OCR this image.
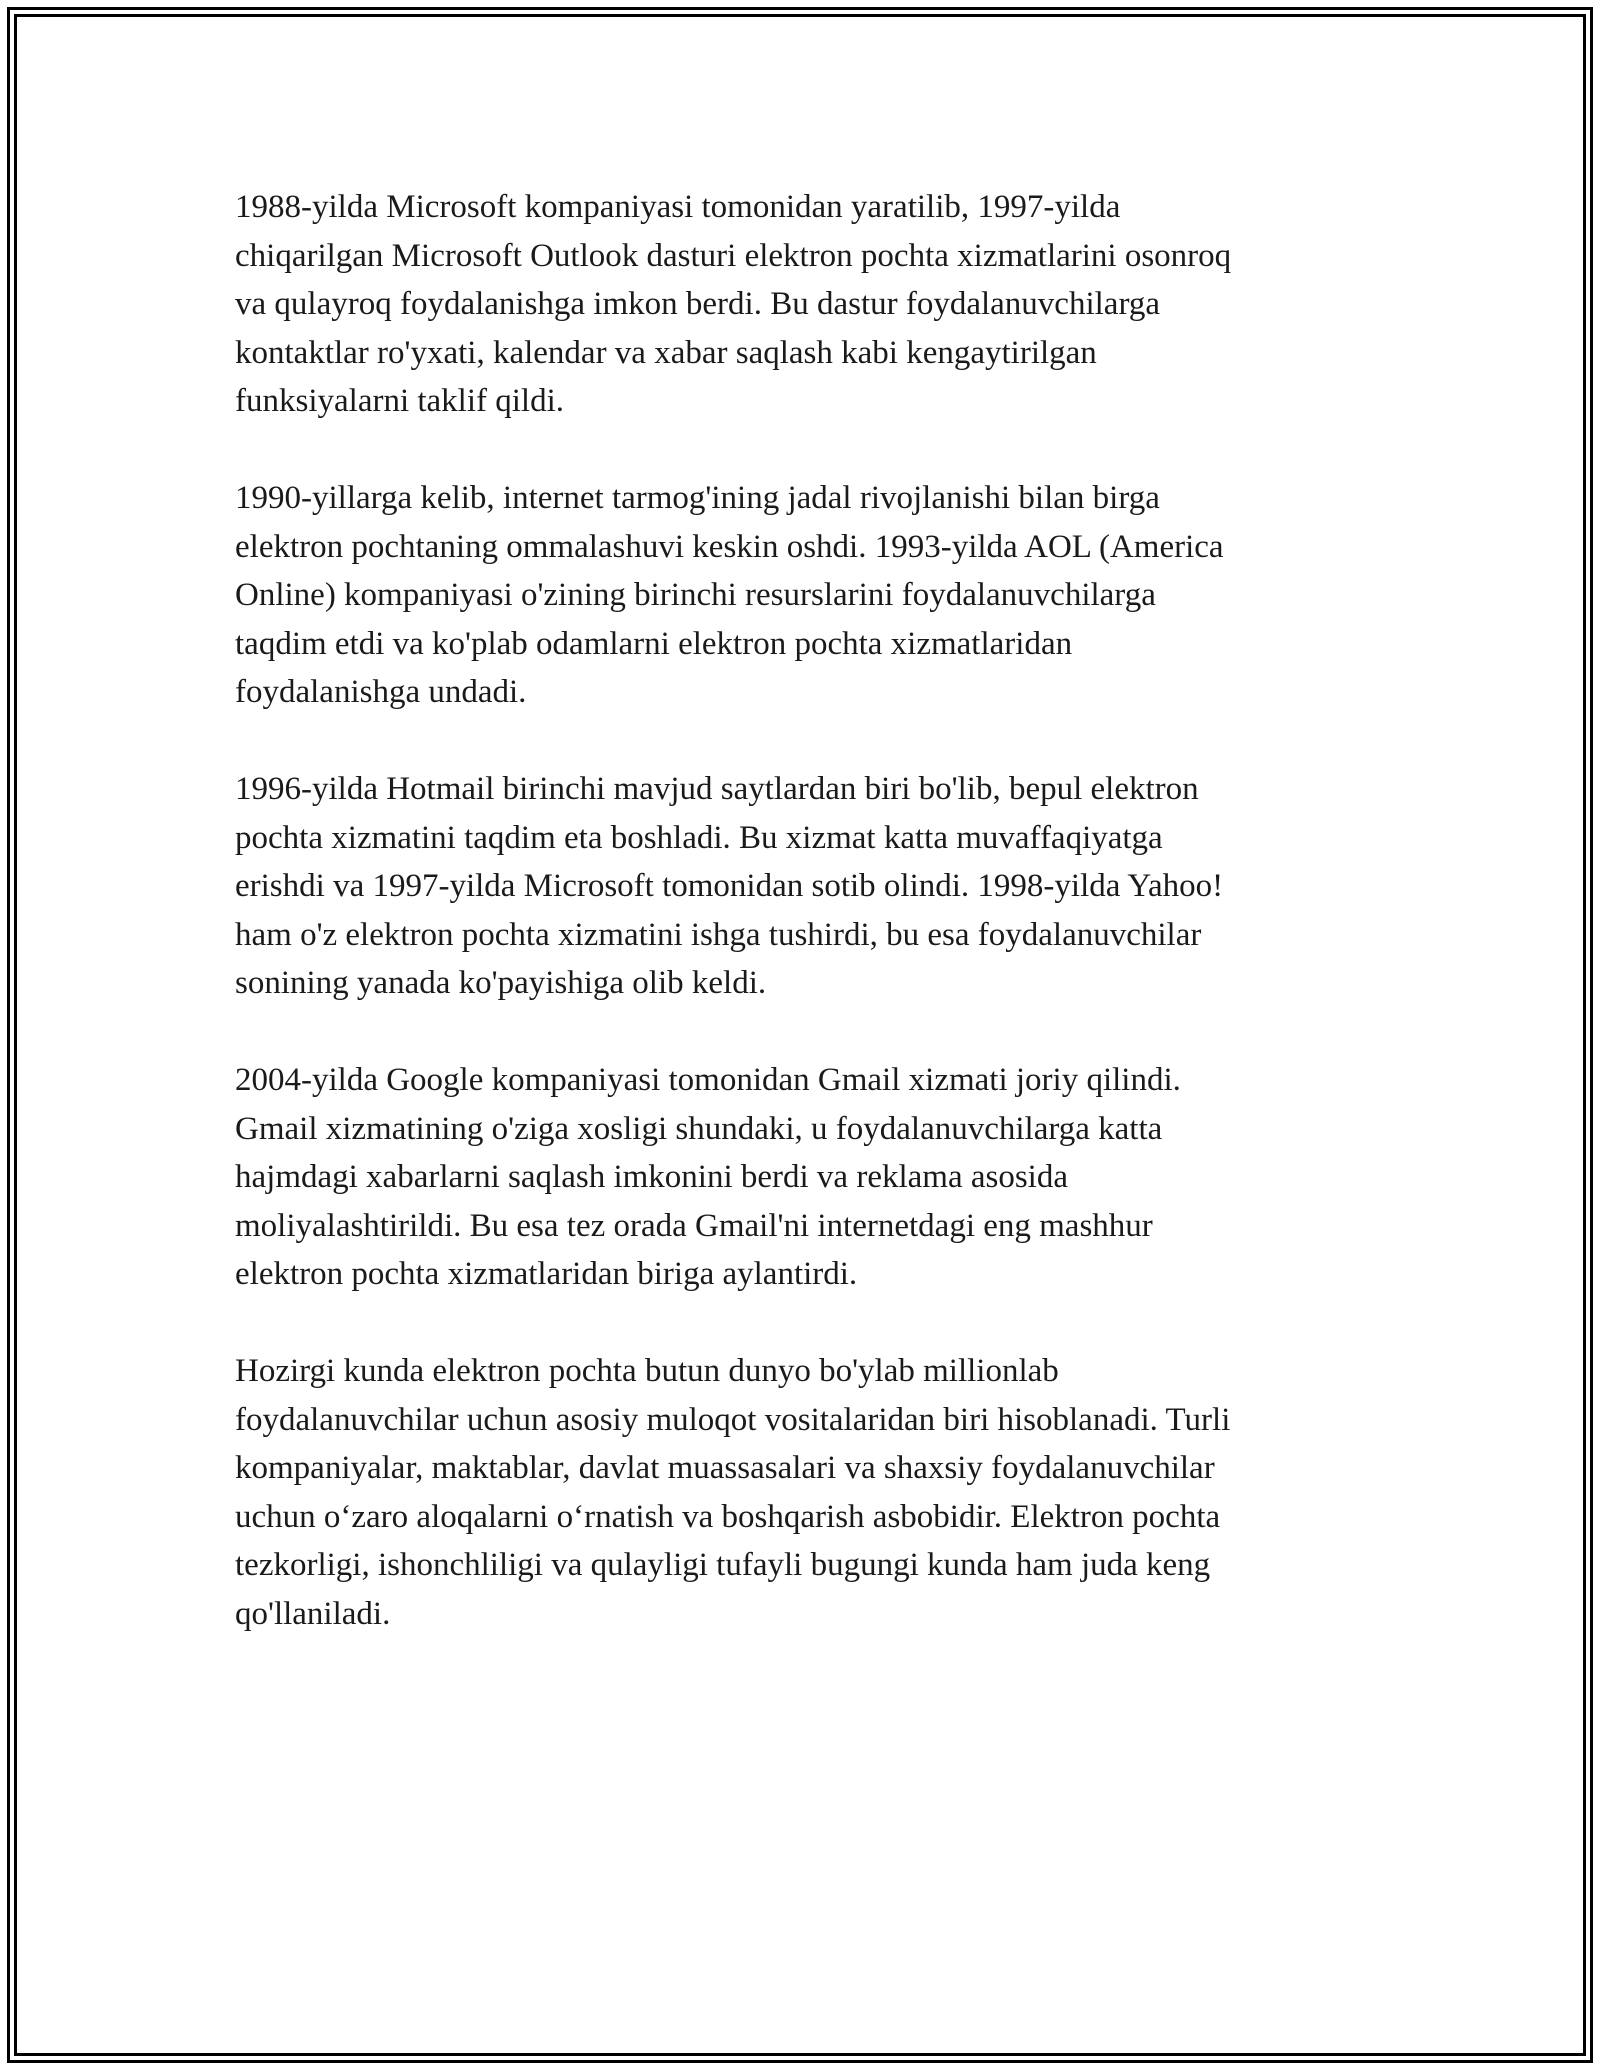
1988-yilda Microsoft kompaniyasi tomonidan yaratilib, 1997-yilda
chiqarilgan Microsoft Outlook dasturi elektron pochta xizmatlarini osonroq
va qulayroq foydalanishga imkon berdi. Bu dastur foydalanuvchilarga
kontaktlar ro'yxati, kalendar va xabar saqlash kabi kengaytirilgan
funksiyalarni taklif qildi.

1990-yillarga kelib, internet tarmog'ining jadal rivojlanishi bilan birga
elektron pochtaning ommalashuvi keskin oshdi. 1993-yilda AOL (America
Online) kompaniyasi o'zining birinchi resurslarini foydalanuvchilarga
taqdim etdi va ko'plab odamlarni elektron pochta xizmatlaridan
foydalanishga undadi.

1996-yilda Hotmail birinchi mavjud saytlardan biri bo'lib, bepul elektron
pochta xizmatini taqdim eta boshladi. Bu xizmat katta muvaffaqiyatga
erishdi va 1997-yilda Microsoft tomonidan sotib olindi. 1998-yilda Yahoo!
ham o'z elektron pochta xizmatini ishga tushirdi, bu esa foydalanuvchilar
sonining yanada ko'payishiga olib keldi.

2004-yilda Google kompaniyasi tomonidan Gmail xizmati joriy qilindi.
Gmail xizmatining o'ziga xosligi shundaki, u foydalanuvchilarga katta
hajmdagi xabarlarni saqlash imkonini berdi va reklama asosida
moliyalashtirildi. Bu esa tez orada Gmail'ni internetdagi eng mashhur
elektron pochta xizmatlaridan biriga aylantirdi.

Hozirgi kunda elektron pochta butun dunyo bo'ylab millionlab
foydalanuvchilar uchun asosiy muloqot vositalaridan biri hisoblanadi. Turli
kompaniyalar, maktablar, davlat muassasalari va shaxsiy foydalanuvchilar
uchun o‘zaro aloqalarni o‘rnatish va boshqarish asbobidir. Elektron pochta
tezkorligi, ishonchliligi va qulayligi tufayli bugungi kunda ham juda keng
qo'llaniladi.
